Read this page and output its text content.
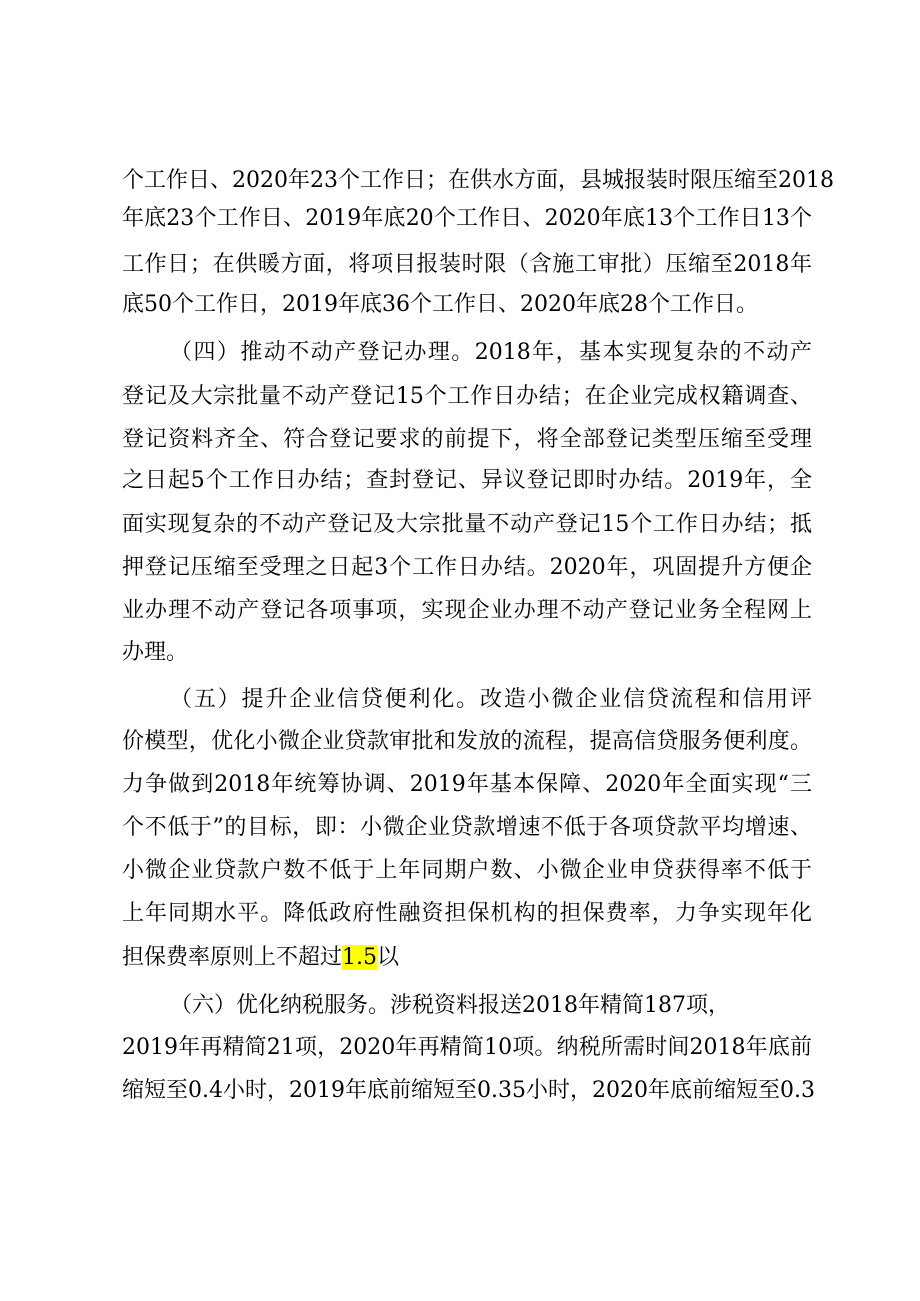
个工作日、2020年23个工作日；在供水方面，县城报装时限压缩至2018
年底23个工作日、2019年底20个工作日、2020年底13个工作日13个
工作日；在供暖方面，将项目报装时限（含施工审批）压缩至2018年
底50个工作日，2019年底36个工作日、2020年底28个工作日。
（四）推动不动产登记办理。2018年，基本实现复杂的不动产
登记及大宗批量不动产登记15个工作日办结；在企业完成权籍调查、
登记资料齐全、符合登记要求的前提下，将全部登记类型压缩至受理
之日起5个工作日办结；查封登记、异议登记即时办结。2019年，全
面实现复杂的不动产登记及大宗批量不动产登记15个工作日办结；抵
押登记压缩至受理之日起3个工作日办结。2020年，巩固提升方便企
业办理不动产登记各项事项，实现企业办理不动产登记业务全程网上
办理。
（五）提升企业信贷便利化。改造小微企业信贷流程和信用评
价模型，优化小微企业贷款审批和发放的流程，提高信贷服务便利度。
力争做到2018年统筹协调、2019年基本保障、2020年全面实现“三
个不低于”的目标，即：小微企业贷款增速不低于各项贷款平均增速、
小微企业贷款户数不低于上年同期户数、小微企业申贷获得率不低于
上年同期水平。降低政府性融资担保机构的担保费率，力争实现年化
担保费率原则上不超过1.5以
（六）优化纳税服务。涉税资料报送2018年精简187项，
2019年再精简21项，2020年再精简10项。纳税所需时间2018年底前
缩短至0.4小时，2019年底前缩短至0.35小时，2020年底前缩短至0.3
